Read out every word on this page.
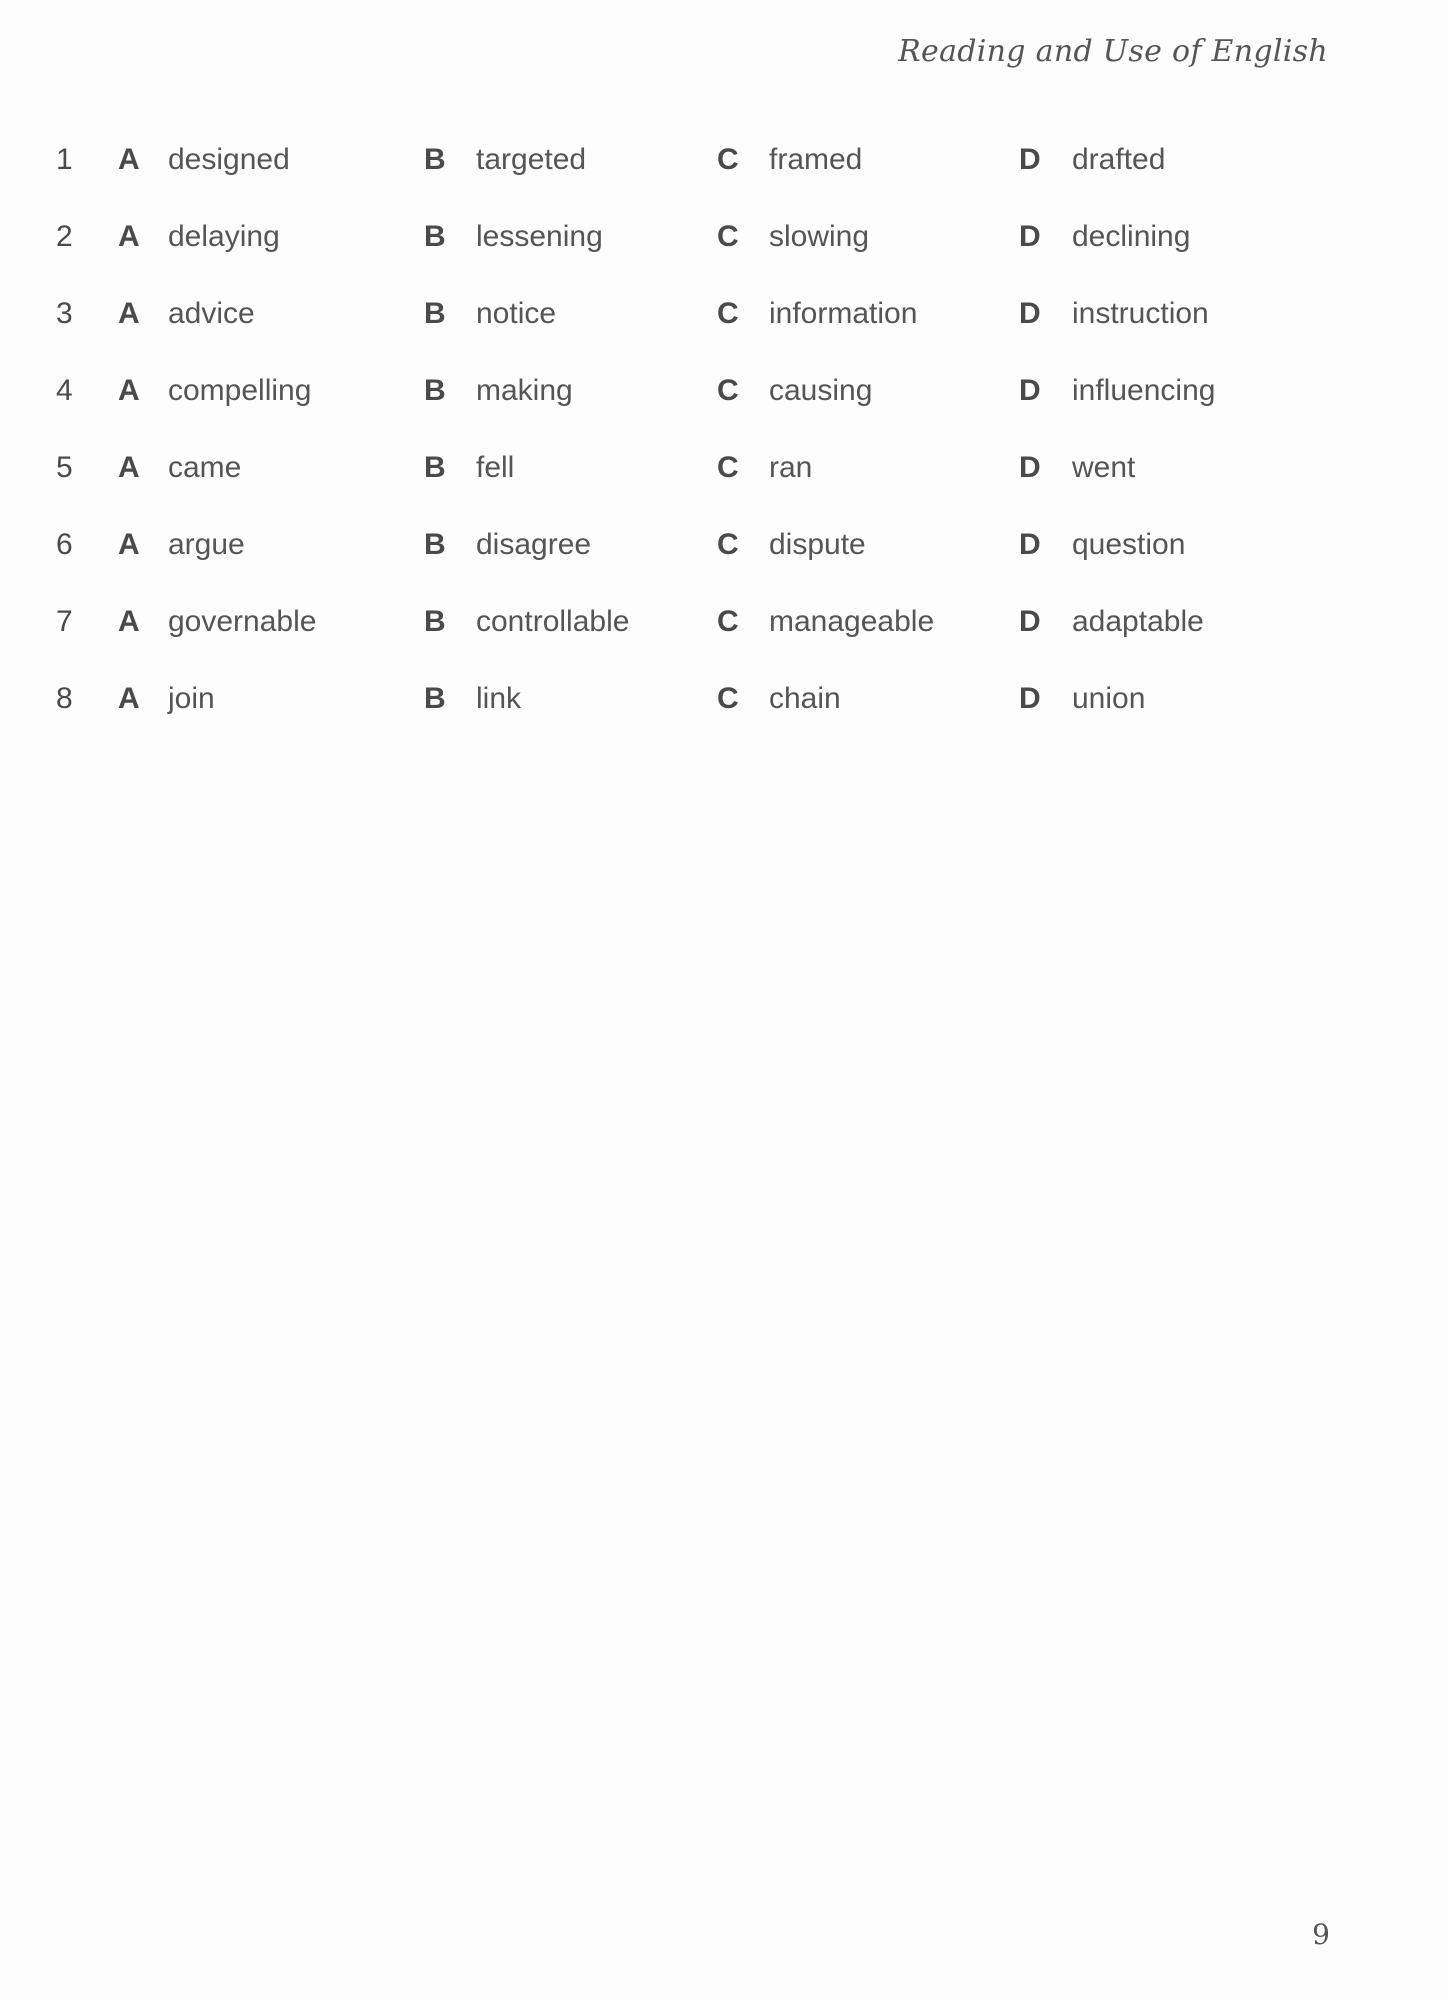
Reading and Use of English
1 A designed	B targeted	C framed	D drafted
2 A delaying	B lessening	C slowing	D declining
3 A advice	B notice	C information	D instruction
4 A compelling	B making	C causing	D influencing
5 A came	B fell	C ran	D went
6 A argue	B disagree	C dispute	D question
7 A governable	B controllable	C manageable	D adaptable
8 A join	B link	C chain	D union
9
